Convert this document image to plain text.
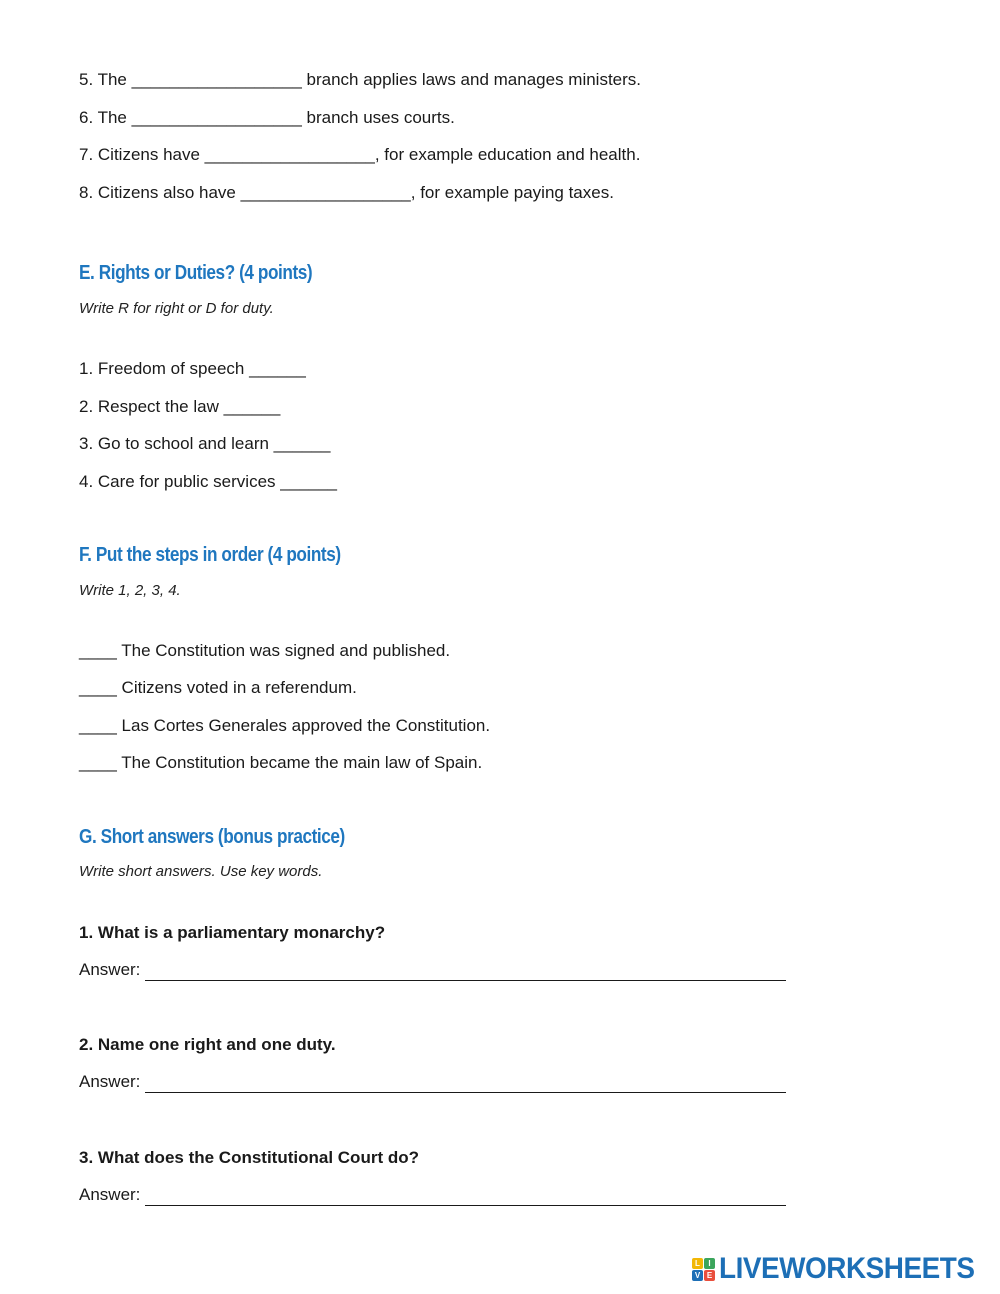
5. The __________________ branch applies laws and manages ministers.
6. The __________________ branch uses courts.
7. Citizens have __________________, for example education and health.
8. Citizens also have __________________, for example paying taxes.
E. Rights or Duties? (4 points)
Write R for right or D for duty.
1. Freedom of speech ______
2. Respect the law ______
3. Go to school and learn ______
4. Care for public services ______
F. Put the steps in order (4 points)
Write 1, 2, 3, 4.
____ The Constitution was signed and published.
____ Citizens voted in a referendum.
____ Las Cortes Generales approved the Constitution.
____ The Constitution became the main law of Spain.
G. Short answers (bonus practice)
Write short answers. Use key words.
1. What is a parliamentary monarchy?
Answer:
2. Name one right and one duty.
Answer:
3. What does the Constitutional Court do?
Answer:
L	I
V E LIVEWORKSHEETS
